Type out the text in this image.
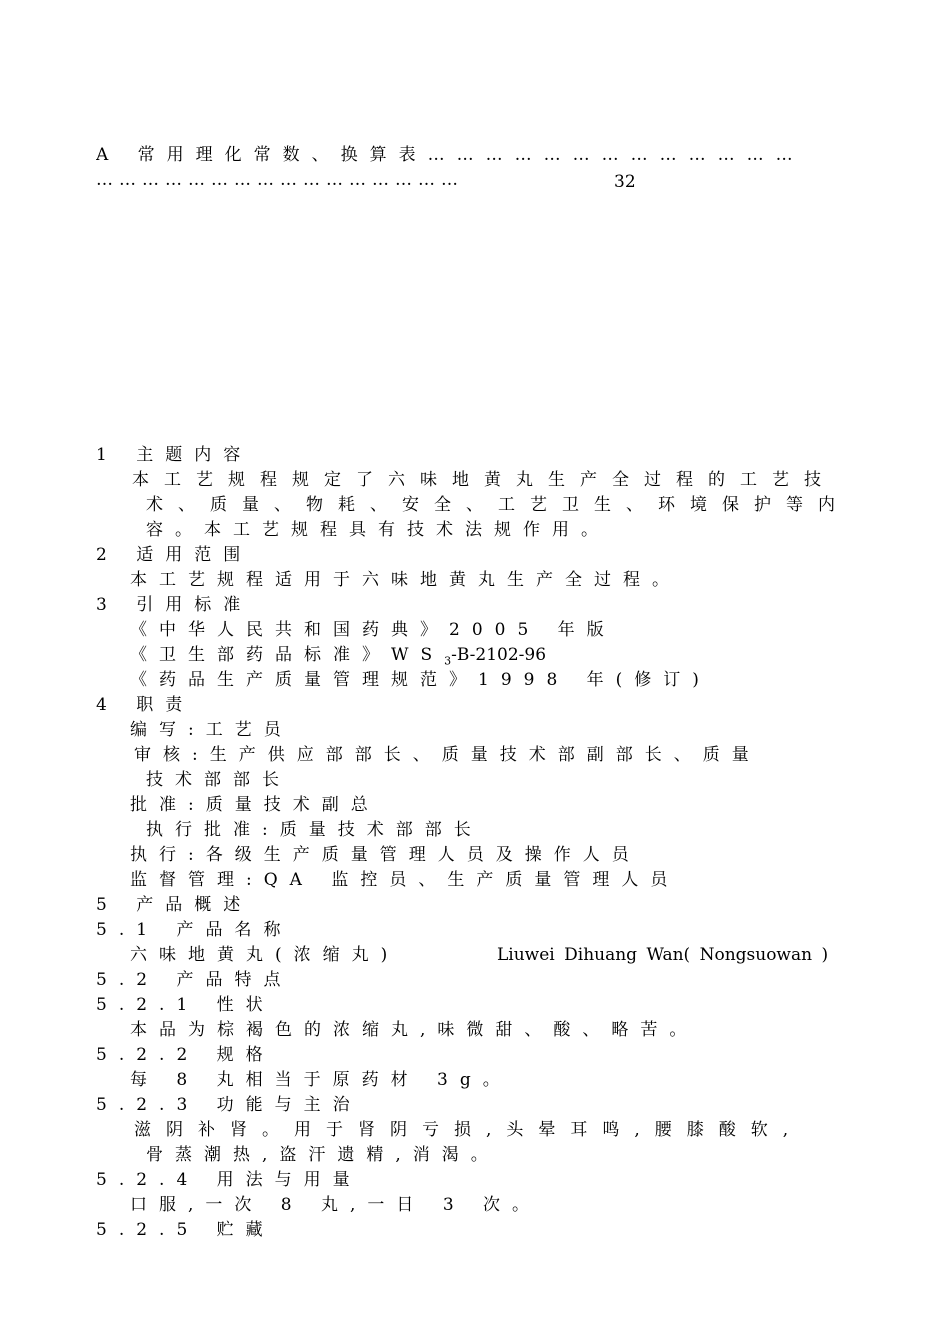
A 常用理化常数、换算表…………………………………
…………………………………………	32
1 主题内容
本工艺规程规定了六味地黄丸生产全过程的工艺技
术、质量、物耗、安全、工艺卫生、环境保护等内
容。本工艺规程具有技术法规作用。
2 适用范围
本工艺规程适用于六味地黄丸生产全过程。
3 引用标准
《中华人民共和国药典》2005 年版
《卫生部药品标准》$WS_3-B-2102-96$
《药品生产质量管理规范》1998 年(修订)
4 职责
编写:工艺员
审核:生产供应部部长、质量技术部副部长、质量
技术部部长
批准:质量技术副总
执行批准:质量技术部部长
执行:各级生产质量管理人员及操作人员
监督管理:QA 监控员、生产质量管理人员
5 产品概述
5.1 产品名称
六味地黄丸(浓缩丸)	Liuwei Dihuang Wan( Nongsuowan )
5.2 产品特点
5.2.1 性状
本品为棕褐色的浓缩丸,味微甜、酸、略苦。
5.2.2 规格
每 8 丸相当于原药材 3g。
5.2.3 功能与主治
滋阴补肾。用于肾阴亏损,头晕耳鸣,腰膝酸软,
骨蒸潮热,盗汗遗精,消渴。
5.2.4 用法与用量
口服,一次 8 丸,一日 3 次。
5.2.5 贮藏
